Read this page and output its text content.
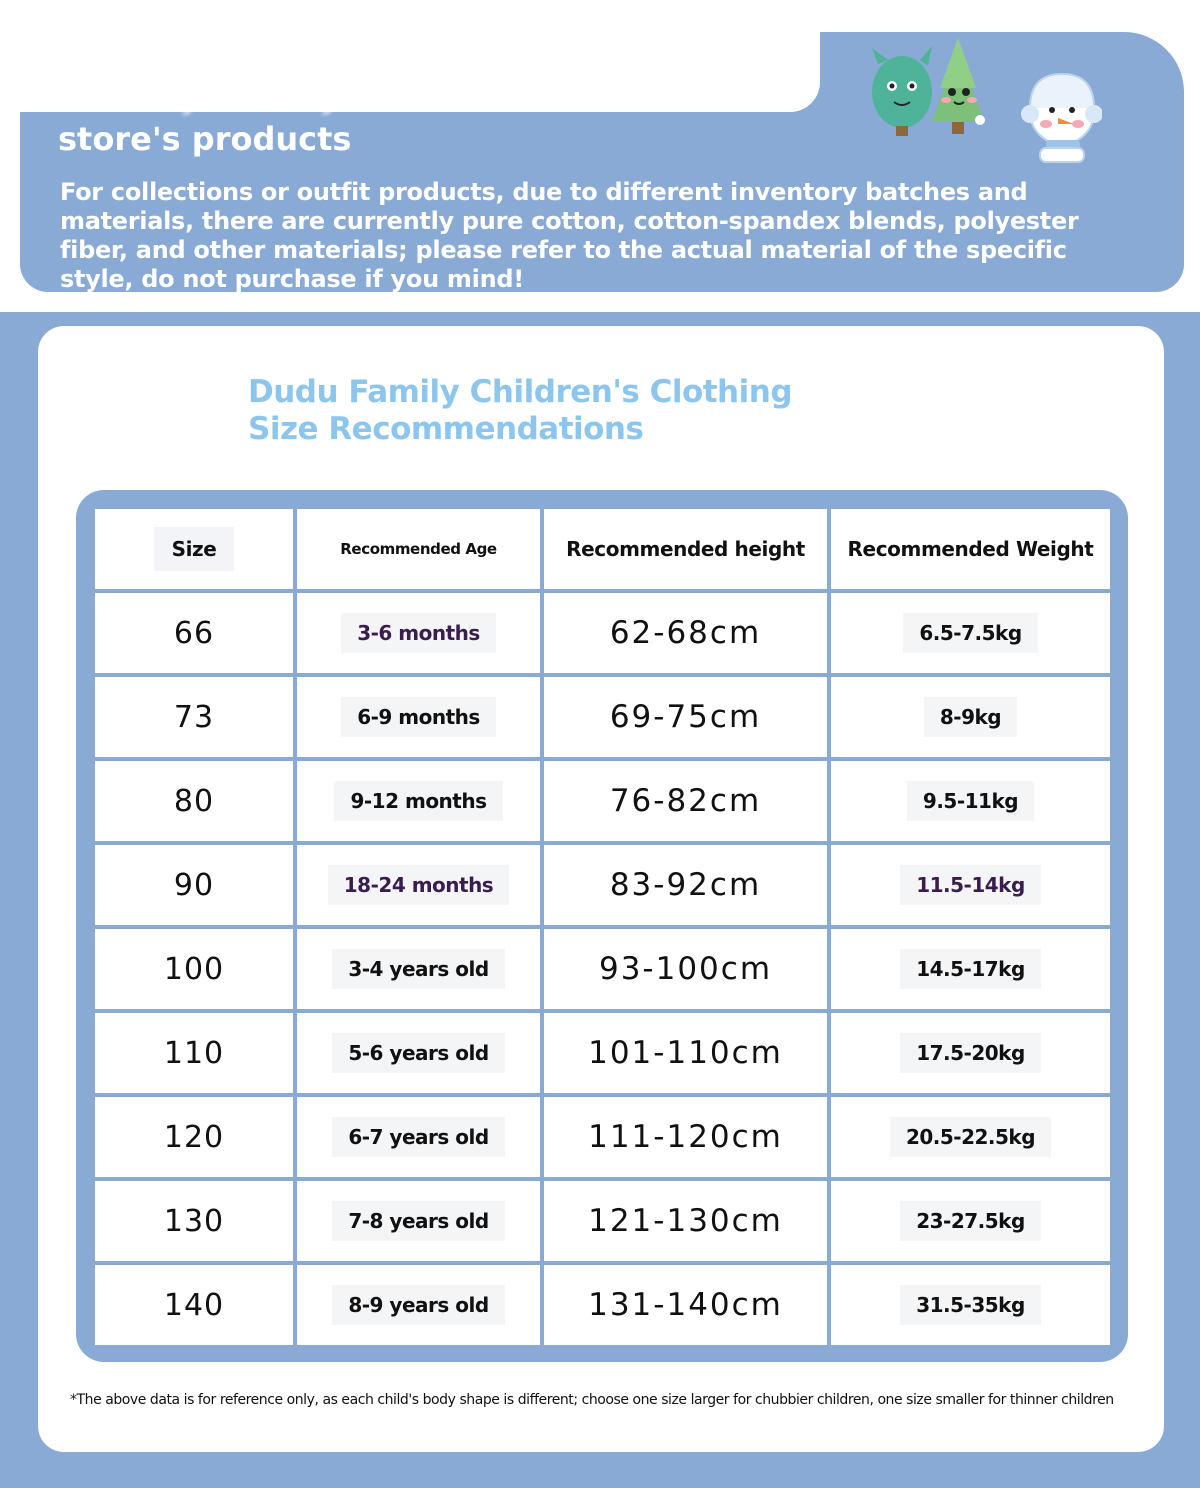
Thank you for your attention to our
store's products
For collections or outfit products, due to different inventory batches and materials, there are currently pure cotton, cotton-spandex blends, polyester fiber, and other materials; please refer to the actual material of the specific style, do not purchase if you mind!
Dudu Family Children's Clothing Size Recommendations
Size	Recommended Age	Recommended height	Recommended Weight
66	3-6 months	62-68cm	6.5-7.5kg
73	6-9 months	69-75cm	8-9kg
80	9-12 months	76-82cm	9.5-11kg
90	18-24 months	83-92cm	11.5-14kg
100	3-4 years old	93-100cm	14.5-17kg
110	5-6 years old	101-110cm	17.5-20kg
120	6-7 years old	111-120cm	20.5-22.5kg
130	7-8 years old	121-130cm	23-27.5kg
140	8-9 years old	131-140cm	31.5-35kg
*The above data is for reference only, as each child's body shape is different; choose one size larger for chubbier children, one size smaller for thinner children
